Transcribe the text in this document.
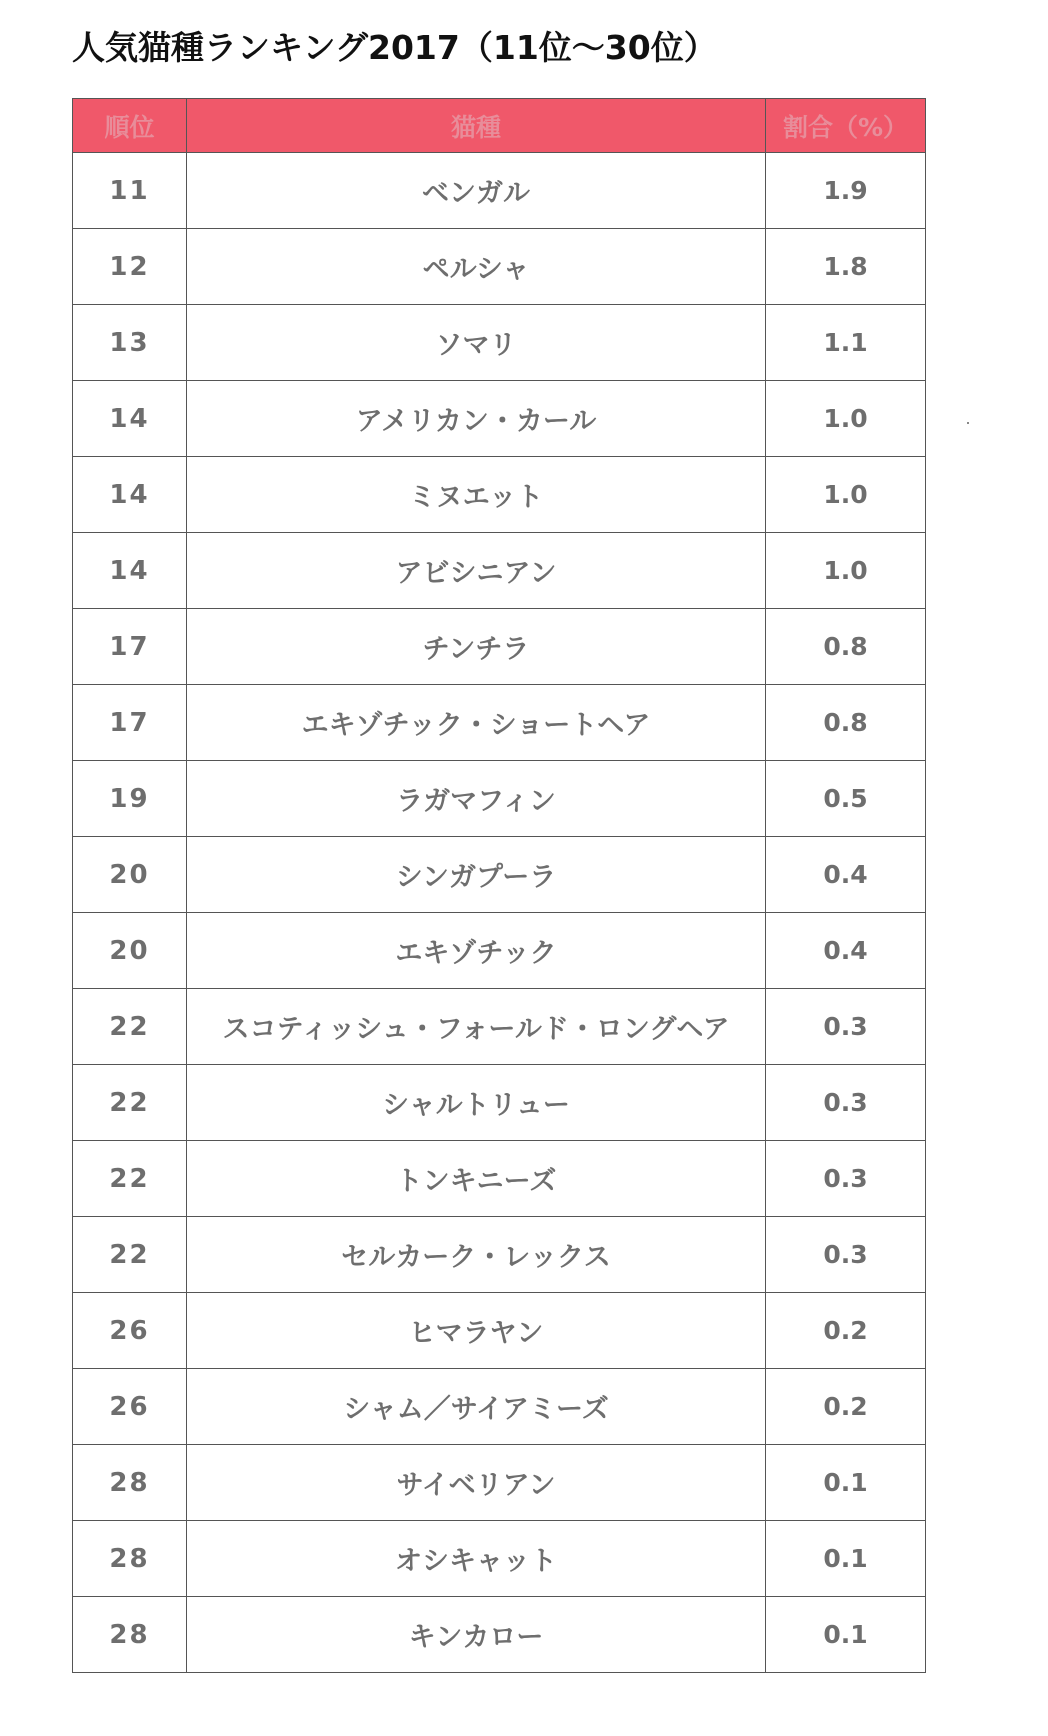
人気猫種ランキング2017（11位〜30位）
順位	猫種	割合（%）
11	ベンガル	1.9
12	ペルシャ	1.8
13	ソマリ	1.1
14	アメリカン・カール	1.0
14	ミヌエット	1.0
14	アビシニアン	1.0
17	チンチラ	0.8
17	エキゾチック・ショートヘア	0.8
19	ラガマフィン	0.5
20	シンガプーラ	0.4
20	エキゾチック	0.4
22	スコティッシュ・フォールド・ロングヘア	0.3
22	シャルトリュー	0.3
22	トンキニーズ	0.3
22	セルカーク・レックス	0.3
26	ヒマラヤン	0.2
26	シャム／サイアミーズ	0.2
28	サイベリアン	0.1
28	オシキャット	0.1
28	キンカロー	0.1
